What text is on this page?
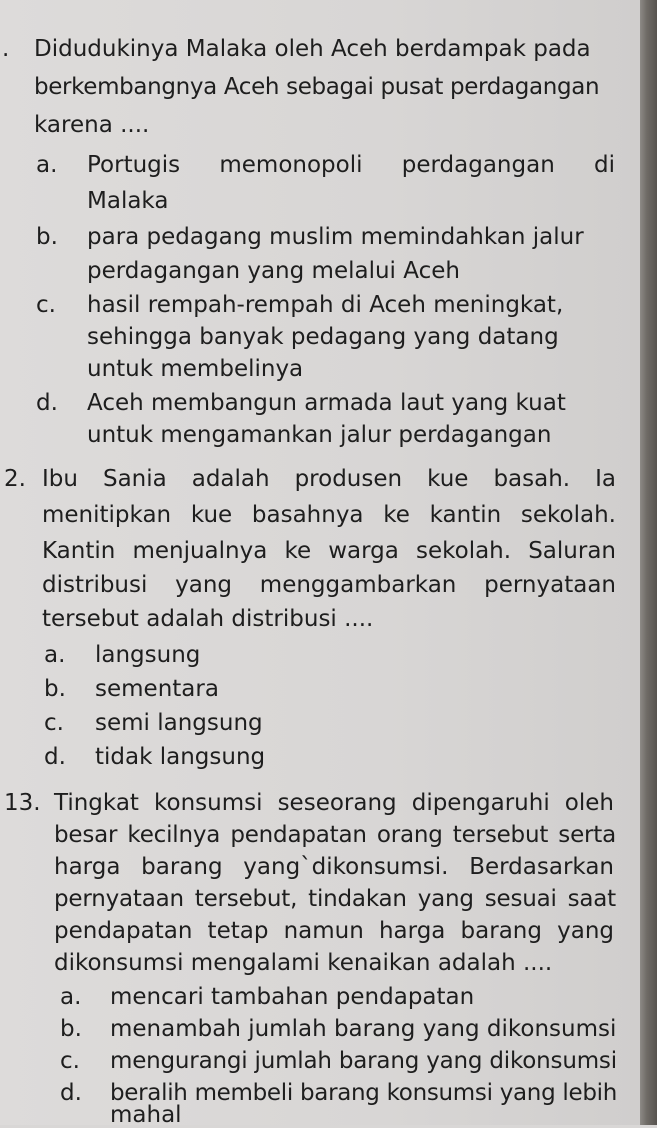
. Didudukinya Malaka oleh Aceh berdampak pada
berkembangnya Aceh sebagai pusat perdagangan
karena ....
a. Portugis memonopoli perdagangan di
Malaka
b. para pedagang muslim memindahkan jalur
perdagangan yang melalui Aceh
c. hasil rempah-rempah di Aceh meningkat,
sehingga banyak pedagang yang datang
untuk membelinya
d. Aceh membangun armada laut yang kuat
untuk mengamankan jalur perdagangan
2. Ibu Sania adalah produsen kue basah. Ia
menitipkan kue basahnya ke kantin sekolah.
Kantin menjualnya ke warga sekolah. Saluran
distribusi yang menggambarkan pernyataan
tersebut adalah distribusi ....
a. langsung
b. sementara
c. semi langsung
d. tidak langsung
13. Tingkat konsumsi seseorang dipengaruhi oleh
besar kecilnya pendapatan orang tersebut serta
harga barang yang`dikonsumsi. Berdasarkan
pernyataan tersebut, tindakan yang sesuai saat
pendapatan tetap namun harga barang yang
dikonsumsi mengalami kenaikan adalah ....
a. mencari tambahan pendapatan
b. menambah jumlah barang yang dikonsumsi
c. mengurangi jumlah barang yang dikonsumsi
d. beralih membeli barang konsumsi yang lebih
mahal
